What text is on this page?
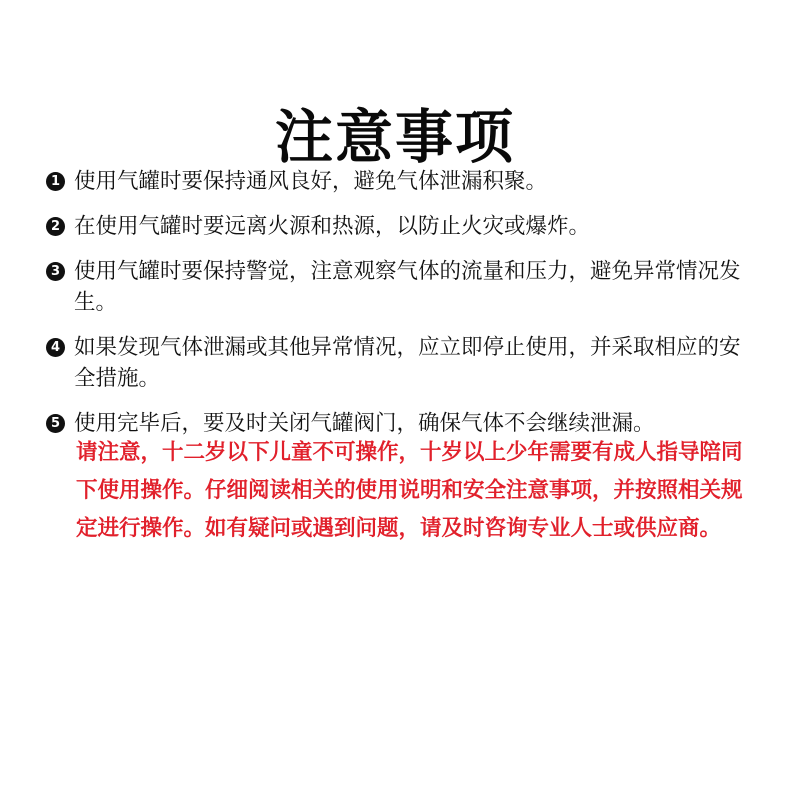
注意事项
1 使用气罐时要保持通风良好，避免气体泄漏积聚。
2 在使用气罐时要远离火源和热源，以防止火灾或爆炸。
3 使用气罐时要保持警觉，注意观察气体的流量和压力，避免异常情况发生。
4 如果发现气体泄漏或其他异常情况，应立即停止使用，并采取相应的安全措施。
5 使用完毕后，要及时关闭气罐阀门，确保气体不会继续泄漏。

请注意，十二岁以下儿童不可操作，十岁以上少年需要有成人指导陪同下使用操作。仔细阅读相关的使用说明和安全注意事项，并按照相关规定进行操作。如有疑问或遇到问题，请及时咨询专业人士或供应商。
